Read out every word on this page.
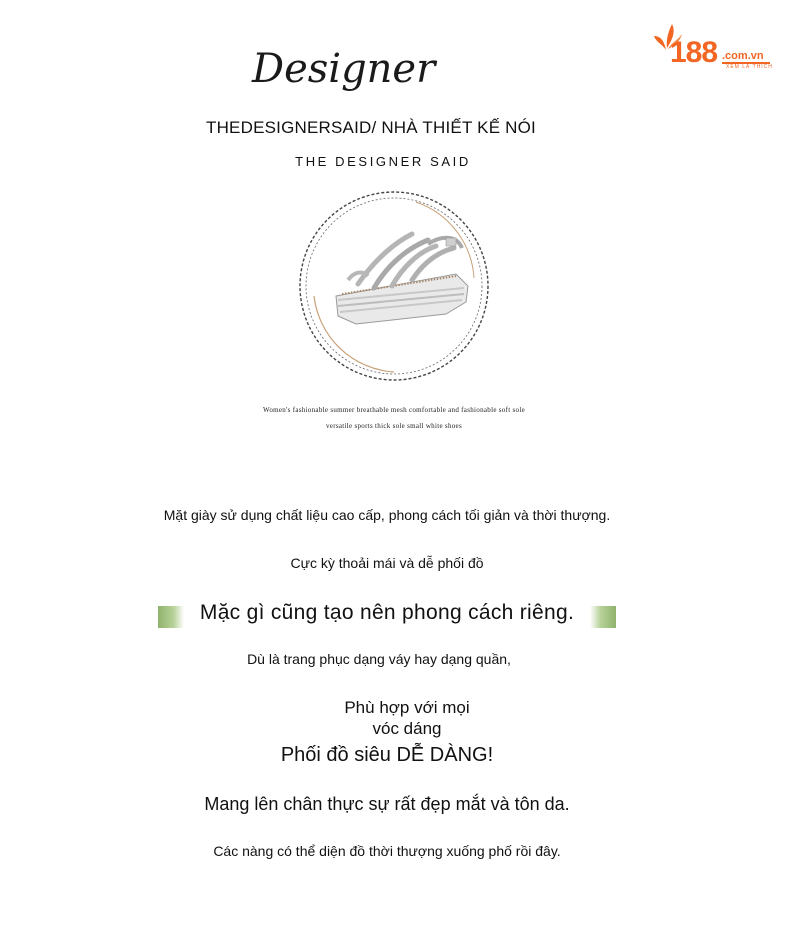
188 .com.vn
XEM LÀ THÍCH
Designer
THEDESIGNERSAID/ NHÀ THIẾT KẾ NÓI
THE DESIGNER SAID
Women's fashionable summer breathable mesh comfortable and fashionable soft sole
versatile sports thick sole small white shoes
Mặt giày sử dụng chất liệu cao cấp, phong cách tối giản và thời thượng.
Cực kỳ thoải mái và dễ phối đồ
Mặc gì cũng tạo nên phong cách riêng.
Dù là trang phục dạng váy hay dạng quần,
Phù hợp với mọi
vóc dáng
Phối đồ siêu DỄ DÀNG!
Mang lên chân thực sự rất đẹp mắt và tôn da.
Các nàng có thể diện đồ thời thượng xuống phố rồi đây.
